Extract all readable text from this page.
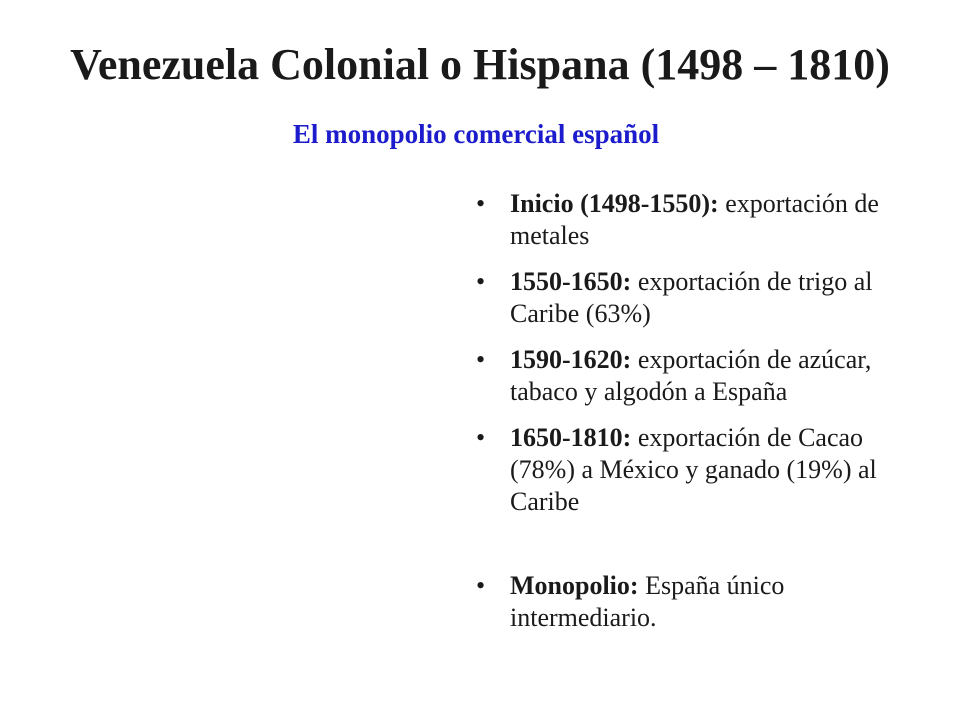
Venezuela Colonial o Hispana (1498 – 1810)
El monopolio comercial español
• Inicio (1498-1550): exportación de metales
• 1550-1650: exportación de trigo al Caribe (63%)
• 1590-1620: exportación de azúcar, tabaco y algodón a España
• 1650-1810: exportación de Cacao (78%) a México y ganado (19%) al Caribe
• Monopolio: España único intermediario.
